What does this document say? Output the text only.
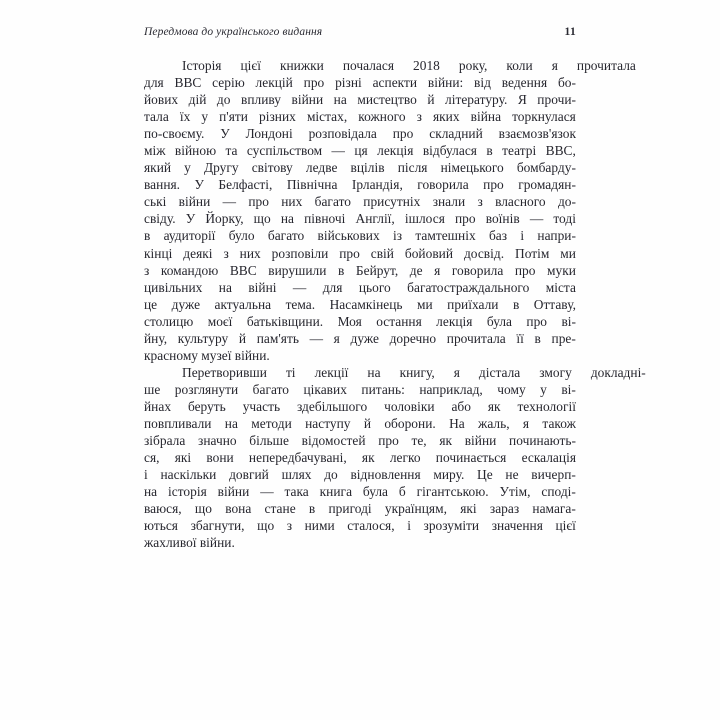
Передмова до українського видання	11

Історія	цієї	книжки	почалася	2018	року,	коли	я	прочитала
для BBC серію лекцій про різні аспекти війни: від ведення бо-
йових дій до впливу війни на мистецтво й літературу. Я прочи-
тала їх у п'яти різних містах, кожного з яких війна торкнулася
по-своєму. У Лондоні розповідала про складний взаємозв'язок
між війною та суспільством — ця лекція відбулася в театрі BBC,
який у Другу світову ледве вцілів після німецького бомбарду-
вання. У Белфасті, Північна Ірландія, говорила про громадян-
ські війни — про них багато присутніх знали з власного до-
свіду. У Йорку, що на півночі Англії, ішлося про воїнів — тоді
в аудиторії було багато військових із тамтешніх баз і напри-
кінці деякі з них розповіли про свій бойовий досвід. Потім ми
з командою BBC вирушили в Бейрут, де я говорила про муки
цивільних на війні — для цього багатостраждального міста
це дуже актуальна тема. Насамкінець ми приїхали в Оттаву,
столицю моєї батьківщини. Моя остання лекція була про ві-
йну, культуру й пам'ять — я дуже доречно прочитала її в пре-
красному музеї війни.

Перетворивши	ті	лекції	на	книгу,	я	дістала	змогу	докладні-
ше розглянути багато цікавих питань: наприклад, чому у ві-
йнах беруть участь здебільшого чоловіки або як технології
повпливали на методи наступу й оборони. На жаль, я також
зібрала значно більше відомостей про те, як війни починають-
ся, які вони непередбачувані, як легко починається ескалація
і наскільки довгий шлях до відновлення миру. Це не вичерп-
на історія війни — така книга була б гігантською. Утім, споді-
ваюся, що вона стане в пригоді українцям, які зараз намага-
ються збагнути, що з ними сталося, і зрозуміти значення цієї
жахливої війни.
